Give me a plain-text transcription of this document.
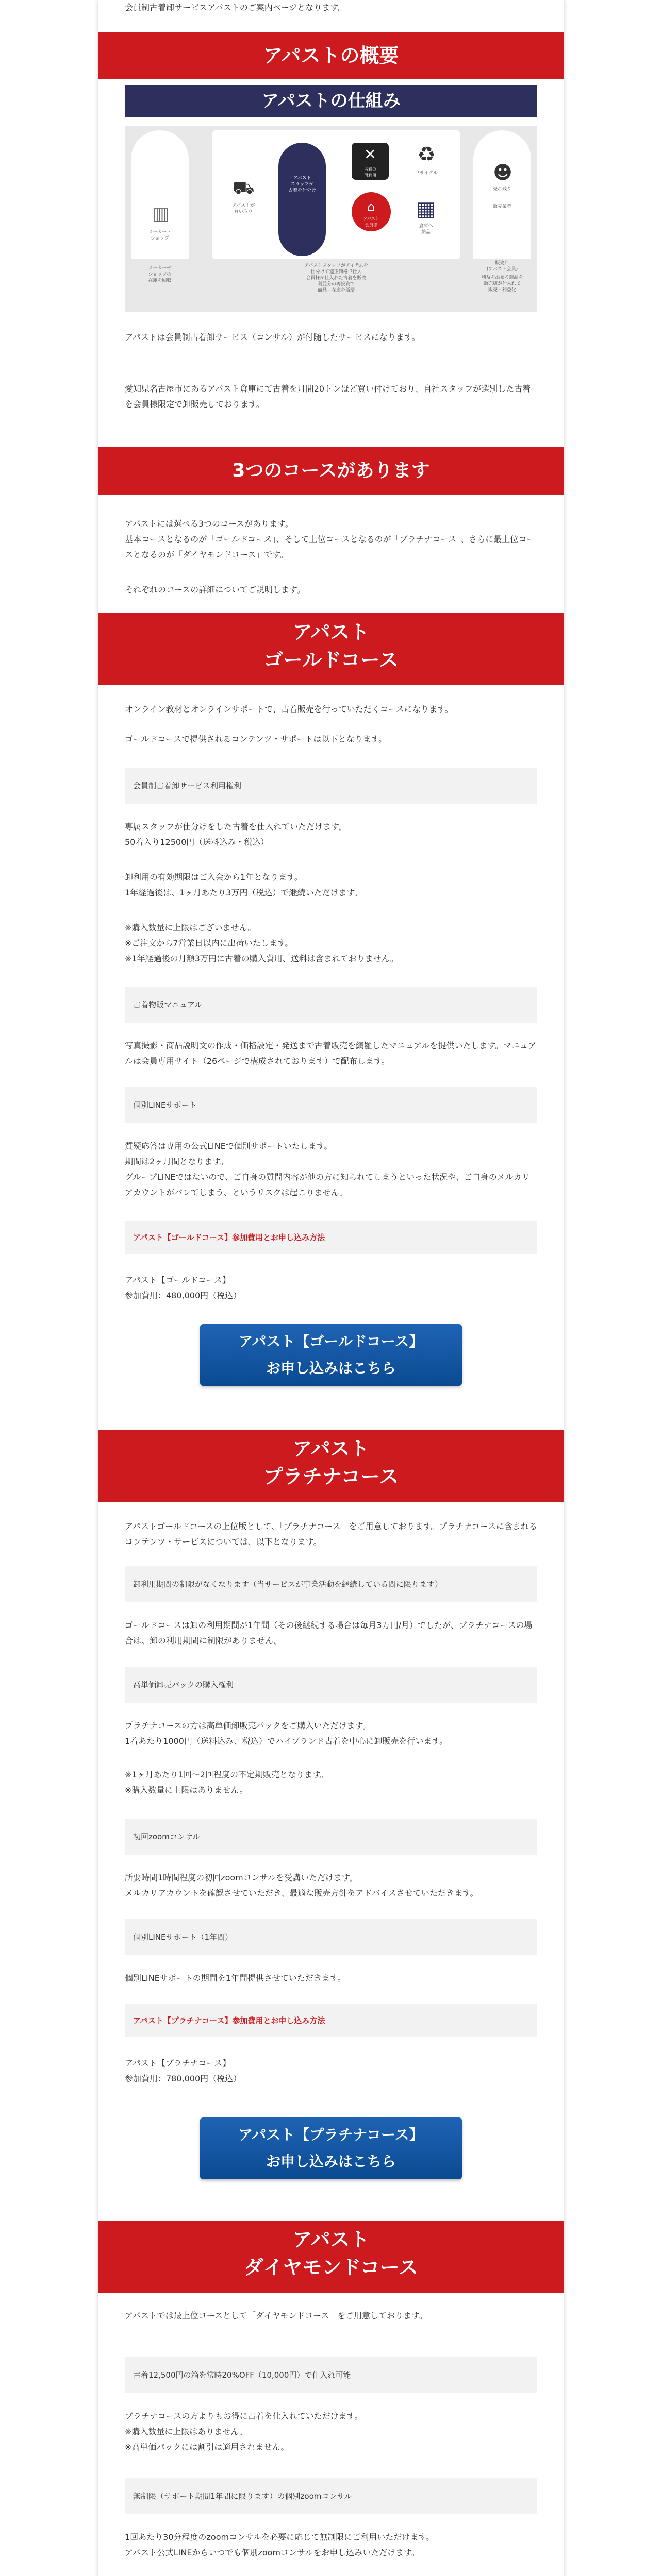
会員制古着卸サービスアパストのご案内ページとなります。
アパストの概要
アパストの仕組み
▥
メーカー・
ショップ
⛟
アパストが
買い取り
アパスト
スタッフが
古着を仕分け
✕
古着の
再利用
♻
リサイクル
⌂
アパスト
会員様
▦
倉庫へ
納品
☻
売れ残り
販売業者
メーカーや
ショップの
在庫を回収
アパストスタッフがアイテムを
仕分けて適正価格で仕入
会員様が仕入れた古着を販売
利益分の再投資で
商品・在庫を循環
販売店
(アパスト会員)
利益を出せる商品を
販売店が仕入れて
販売・利益化
アパストは会員制古着卸サービス（コンサル）が付随したサービスになります。
愛知県名古屋市にあるアパスト倉庫にて古着を月間20トンほど買い付けており、自社スタッフが選別した古着を会員様限定で卸販売しております。
3つのコースがあります
アパストには選べる3つのコースがあります。
基本コースとなるのが「ゴールドコース」、そして上位コースとなるのが「プラチナコース」、さらに最上位コースとなるのが「ダイヤモンドコース」です。
それぞれのコースの詳細についてご説明します。
アパスト
ゴールドコース
オンライン教材とオンラインサポートで、古着販売を行っていただくコースになります。
ゴールドコースで提供されるコンテンツ・サポートは以下となります。
会員制古着卸サービス利用権利
専属スタッフが仕分けをした古着を仕入れていただけます。
50着入り12500円（送料込み・税込）
卸利用の有効期限はご入会から1年となります。
1年経過後は、1ヶ月あたり3万円（税込）で継続いただけます。
※購入数量に上限はございません。
※ご注文から7営業日以内に出荷いたします。
※1年経過後の月額3万円に古着の購入費用、送料は含まれておりません。
古着物販マニュアル
写真撮影・商品説明文の作成・価格設定・発送まで古着販売を網羅したマニュアルを提供いたします。マニュアルは会員専用サイト（26ページで構成されております）で配布します。
個別LINEサポート
質疑応答は専用の公式LINEで個別サポートいたします。
期間は2ヶ月間となります。
グループLINEではないので、ご自身の質問内容が他の方に知られてしまうといった状況や、ご自身のメルカリアカウントがバレてしまう、というリスクは起こりません。
アパスト【ゴールドコース】参加費用とお申し込み方法
アパスト【ゴールドコース】
参加費用：480,000円（税込）
アパスト【ゴールドコース】
お申し込みはこちら
アパスト
プラチナコース
アパストゴールドコースの上位版として、「プラチナコース」をご用意しております。プラチナコースに含まれるコンテンツ・サービスについては、以下となります。
卸利用期間の制限がなくなります（当サービスが事業活動を継続している間に限ります）
ゴールドコースは卸の利用期間が1年間（その後継続する場合は毎月3万円/月）でしたが、プラチナコースの場合は、卸の利用期間に制限がありません。
高単価卸売パックの購入権利
プラチナコースの方は高単価卸販売パックをご購入いただけます。
1着あたり1000円（送料込み、税込）でハイブランド古着を中心に卸販売を行います。
※1ヶ月あたり1回〜2回程度の不定期販売となります。
※購入数量に上限はありません。
初回zoomコンサル
所要時間1時間程度の初回zoomコンサルを受講いただけます。
メルカリアカウントを確認させていただき、最適な販売方針をアドバイスさせていただきます。
個別LINEサポート（1年間）
個別LINEサポートの期間を1年間提供させていただきます。
アパスト【プラチナコース】参加費用とお申し込み方法
アパスト【プラチナコース】
参加費用：780,000円（税込）
アパスト【プラチナコース】
お申し込みはこちら
アパスト
ダイヤモンドコース
アパストでは最上位コースとして「ダイヤモンドコース」をご用意しております。
古着12,500円の箱を常時20%OFF（10,000円）で仕入れ可能
プラチナコースの方よりもお得に古着を仕入れていただけます。
※購入数量に上限はありません。
※高単価パックには割引は適用されません。
無制限（サポート期間1年間に限ります）の個別zoomコンサル
1回あたり30分程度のzoomコンサルを必要に応じて無制限にご利用いただけます。
アパスト公式LINEからいつでも個別zoomコンサルをお申し込みいただけます。
